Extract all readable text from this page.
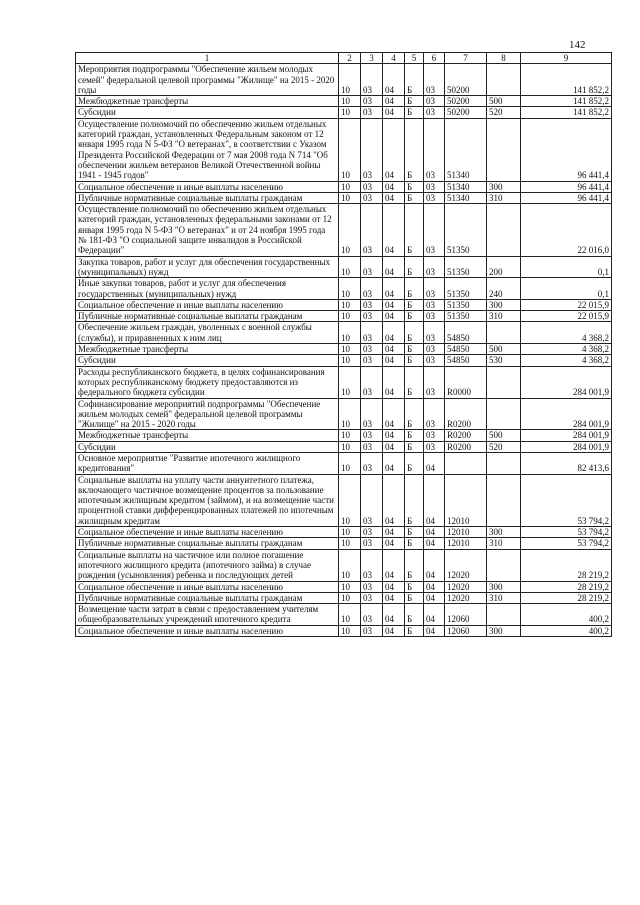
142
1	2	3	4	5	6	7	8	9
Мероприятия подпрограммы "Обеспечение жильем молодых семей" федеральной целевой программы "Жилище" на 2015 - 2020 годы	10	03	04	Б	03	50200		141 852,2
Межбюджетные трансферты	10	03	04	Б	03	50200	500	141 852,2
Субсидии	10	03	04	Б	03	50200	520	141 852,2
Осуществление полномочий по обеспечению жильем отдельных категорий граждан, установленных Федеральным законом от 12 января 1995 года N 5-ФЗ "О ветеранах", в соответствии с Указом Президента Российской Федерации от 7 мая 2008 года N 714 "Об обеспечении жильем ветеранов Великой Отечественной войны 1941 - 1945 годов"	10	03	04	Б	03	51340		96 441,4
Социальное обеспечение и иные выплаты населению	10	03	04	Б	03	51340	300	96 441,4
Публичные нормативные социальные выплаты гражданам	10	03	04	Б	03	51340	310	96 441,4
Осуществление полномочий по обеспечению жильем отдельных категорий граждан, установленных федеральными законами от 12 января 1995 года N 5-ФЗ "О ветеранах" и от 24 ноября 1995 года № 181-ФЗ "О социальной защите инвалидов в Российской Федерации"	10	03	04	Б	03	51350		22 016,0
Закупка товаров, работ и услуг для обеспечения государственных (муниципальных) нужд	10	03	04	Б	03	51350	200	0,1
Иные закупки товаров, работ и услуг для обеспечения государственных (муниципальных) нужд	10	03	04	Б	03	51350	240	0,1
Социальное обеспечение и иные выплаты населению	10	03	04	Б	03	51350	300	22 015,9
Публичные нормативные социальные выплаты гражданам	10	03	04	Б	03	51350	310	22 015,9
Обеспечение жильем граждан, уволенных с военной службы (службы), и приравненных к ним лиц	10	03	04	Б	03	54850		4 368,2
Межбюджетные трансферты	10	03	04	Б	03	54850	500	4 368,2
Субсидии	10	03	04	Б	03	54850	530	4 368,2
Расходы республиканского бюджета, в целях софинансирования которых республиканскому бюджету предоставляются из федерального бюджета субсидии	10	03	04	Б	03	R0000		284 001,9
Софинансирование мероприятий подпрограммы "Обеспечение жильем молодых семей" федеральной целевой программы "Жилище" на 2015 - 2020 годы	10	03	04	Б	03	R0200		284 001,9
Межбюджетные трансферты	10	03	04	Б	03	R0200	500	284 001,9
Субсидии	10	03	04	Б	03	R0200	520	284 001,9
Основное мероприятие "Развитие ипотечного жилищного кредитования"	10	03	04	Б	04			82 413,6
Социальные выплаты на уплату части аннуитетного платежа, включающего частичное возмещение процентов за пользование ипотечным жилищным кредитом (займом), и на возмещение части процентной ставки дифференцированных платежей по ипотечным жилищным кредитам	10	03	04	Б	04	12010		53 794,2
Социальное обеспечение и иные выплаты населению	10	03	04	Б	04	12010	300	53 794,2
Публичные нормативные социальные выплаты гражданам	10	03	04	Б	04	12010	310	53 794,2
Социальные выплаты на частичное или полное погашение ипотечного жилищного кредита (ипотечного займа) в случае рождения (усыновления) ребенка и последующих детей	10	03	04	Б	04	12020		28 219,2
Социальное обеспечение и иные выплаты населению	10	03	04	Б	04	12020	300	28 219,2
Публичные нормативные социальные выплаты гражданам	10	03	04	Б	04	12020	310	28 219,2
Возмещение части затрат в связи с предоставлением учителям общеобразовательных учреждений ипотечного кредита	10	03	04	Б	04	12060		400,2
Социальное обеспечение и иные выплаты населению	10	03	04	Б	04	12060	300	400,2
